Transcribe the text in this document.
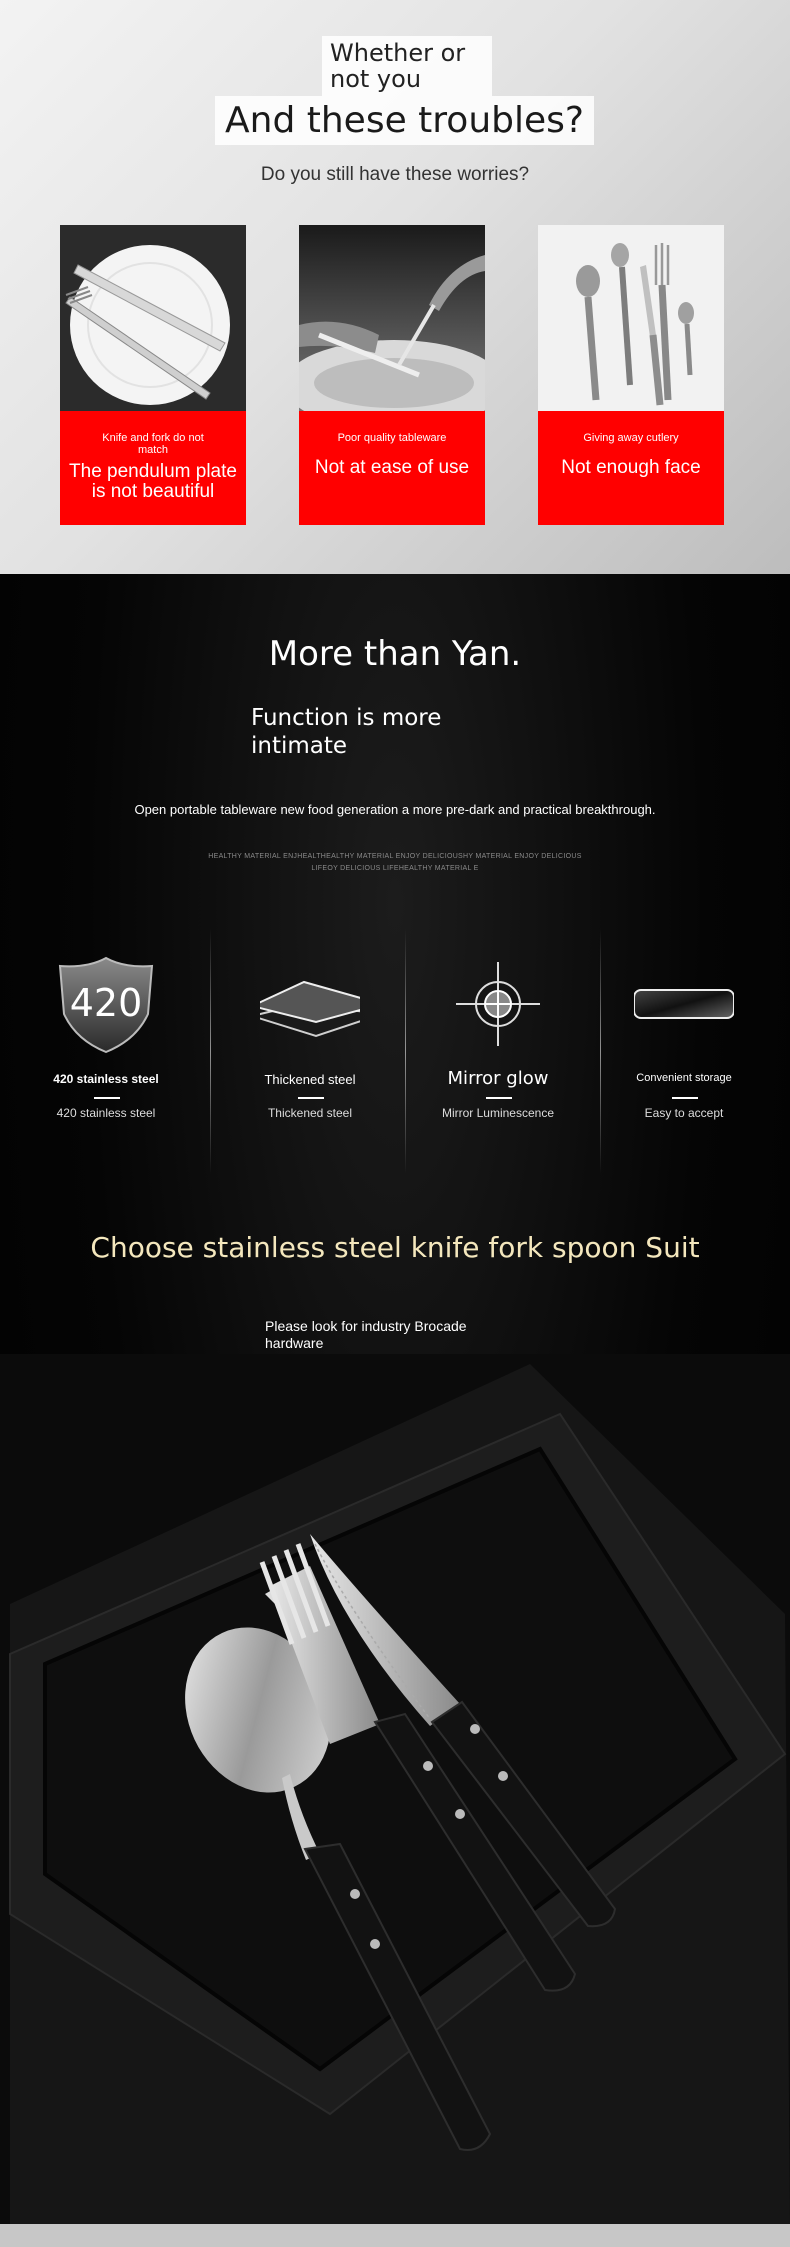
Whether or not you
And these troubles?
Do you still have these worries?
Knife and fork do not match
The pendulum plate is not beautiful
Poor quality tableware
Not at ease of use
Giving away cutlery
Not enough face
More than Yan.
Function is more intimate
Open portable tableware new food generation a more pre-dark and practical breakthrough.
HEALTHY MATERIAL ENJHEALTHEALTHY MATERIAL ENJOY DELICIOUSHY MATERIAL ENJOY DELICIOUS LIFEOY DELICIOUS LIFEHEALTHY MATERIAL E
420
420 stainless steel
420 stainless steel
Thickened steel
Thickened steel
Mirror glow
Mirror Luminescence
Convenient storage
Easy to accept
Choose stainless steel knife fork spoon Suit
Please look for industry Brocade hardware
